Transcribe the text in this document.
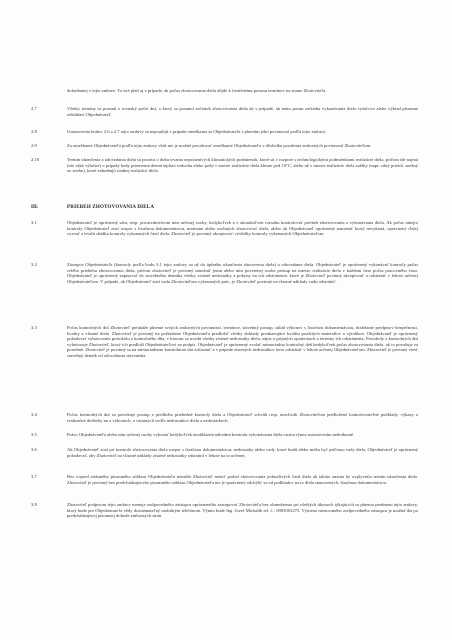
dohodnutej v tejto zmluve. To isté platí aj v prípade, ak počas zhotovovania diela dôjde k častičnému posunu termínov na strane Zhotoviteľa.
2.7	Všetky termíny sa posunú o rovnaký počet dní, o ktorý sa posunul začiatok zhotovovania diela ak v prípade, ak tento posun začiatku vykonávania diela vyúsťove alebo výkrad písomne odsúhlasí Objednávateľ.
2.8	Ustanovenia bodov 2.6 a 2.7 tejto zmluvy sa nepoužijú v prípade omeškania sa Objednávateľa s plnením jeho povinností podľa tejto zmluvy.
2.9	Za omeškanie Objednávateľa podľa tejto zmluvy však nie je možné považovať omeškanie Objednávateľa v dôsledku porušenia zmluvných povinností Zhotoviteľom.
2.10	Termín ukončenia a odovzdania diela sa posúva o dobu trvania nepriaznivých klimatických podmienok, ktoré sú v rozpore s technologickými podmienkami realizácie diela, pričom ide najmä (nie však výlučne) o prípady kedy priemerná denná teplota vzduchu alebo pody v mieste realizácie diela klesne pod 10°C, alebo už v mieste realizácie diela zrážky (napr. silný prietrž, snežný zo snehu), ktoré zabraňujú riadnej realizácii diela.
III.	PRIEBEH ZHOTOVOVANIA DIELA
3.1	Objednávateľ je oprávnený sám, resp. prostredníctvom ním určenej osoby, kedykoľvek a v akomkoľvek rozsahu kontrolovať priebeh zhotovovania a vykonávania diela. Ak počas takejto kontroly Objednávateľ zistí rozpor s fixačnou dokumentáciou, normami alebo osobných zhotovovať diela, alebo ak Objednávateľ oprávnený namietať ktorý nevykoná, oprávnený ďalej vyzvať a trvalú skúšku kontroly vykonaných častí diela. Zhotoviteľ je povinný akceptovať výsledky kontroly vykonaných Objednávateľom.
3.2	Zástupca Objednávateľa (kontroly podľa bodu 3.1 tejto zmluvy sa už do úplného ukončenia zhotovenia diela) a odovzdanie diela. Objednávateľ je oprávnený vykonávať kontroly počas celého priebehu zhotovovania diela, pričom zhotoviteľ je povinný umožniť jemu alebo ním poverenej osobe prístup na miesto realizácie diela v každom čase počas pracovného času. Objednávateľ je oprávnený zapisovať do stavebného denníka všetky zistené nedostatky a pokyny na ich odstránenie, ktoré je Zhotoviteľ povinný akceptovať a odstrániť v lehote určenej Objednávateľom. V prípade, ak Objednávateľ zistí vadu Zhotoviteľom vykonaných prác, je Zhotoviteľ povinný na vlastné náklady vadu odstrániť.
3.3	Počas kontrolných dní Zhotoviteľ preukáže plnenie svojich zmluvných povinností, termínov, stavebný postup, súlad výkonov s fixačnou dokumentáciou, dodržanie predpisov bezpečnosti, kvality a vlastné diela. Zhotoviteľ je povinný na požiadanie Objednávateľa predložiť všetky doklady preukazujúce kvalitu použitých materiálov a výrobkov. Objednávateľ je oprávnený požadovať vyhotovenie protokolu z kontrolného dňa, v ktorom sa uvedú všetky zistené nedostatky diela, zápis o prijatých opatreniach a termíny ich odstránenia. Protokoly z kontrolných dní vyhotovuje Zhotoviteľ, ktorý ich predloží Objednávateľovi na podpis. Objednávateľ je oprávnený zvolať mimoriadny kontrolný deň kedykoľvek počas zhotovovania diela, ak to považuje za potrebné. Zhotoviteľ je povinný sa na mimoriadnom kontrolnom dni zúčastniť a v prípade zistených nedostatkov tieto odstrániť v lehote určenej Objednávateľom. Zhotoviteľ je povinný viesť stavebný denník od odovzdania staveniska.
3.4	Počas kontrolných dní sa prerokuje postup a predložia priebežné kontroly diela a Objednávateľ schváli resp. neschváli Zhotoviteľom predložené kontrolovateľné podklady, výkazy a realizačné dodávky na a výkonoch, o ostatných vedľa nedostatkov diela a nedostatkoch.
3.5	Právo Objednávateľa alebo ním určenej osoby vykonať kedykoľvek neohlásenú náhodnú kontrolu vykonávania diela ostáva týmto ustanovením nedotknuté.
3.6	Ak Objednávateľ zistí pri kontrole zhotovovania diela rozpor s fixačnou dokumentáciou, nedostatky alebo vady, ktoré budú alebo môžu byť príčinou vady diela, Objednávateľ je oprávnený požadovať, aby Zhotoviteľ na vlastné náklady zistené nedostatky odstránil v lehote na to určenej.
3.7	Bez vopred získaného písomného súhlasu Objednávateľa nemôže Zhotoviteľ meniť podiel zhotovovania jednotlivých častí diela ak takáto zmena by ovplyvnila termín ukončenia diela. Zhotoviteľ je povinný bez predchádzajúceho písomného súhlasu Objednávateľa nie je oprávnený odchýliť sa od podkladov na to diela stanovených, fixačnou dokumentáciou.
3.8	Zhotoviteľ podpisom tejto zmluvy menuje zodpovedného zástupcu oprávneného zastupovať Zhotoviteľa bez obmedzenia pri všetkých úkonoch týkajúcich sa plnenia predmetu tejto zmluvy, ktorý bude pre Objednávateľa vždy dosiahnuteľný mobilným telefónom. Týmto bude Ing. Jozef Michalík tel. č.: 0905003275. Výmena menovaného zodpovedného zástupcu je možná iba po predchádzajúcej písomnej dohode zmluvných strán.
